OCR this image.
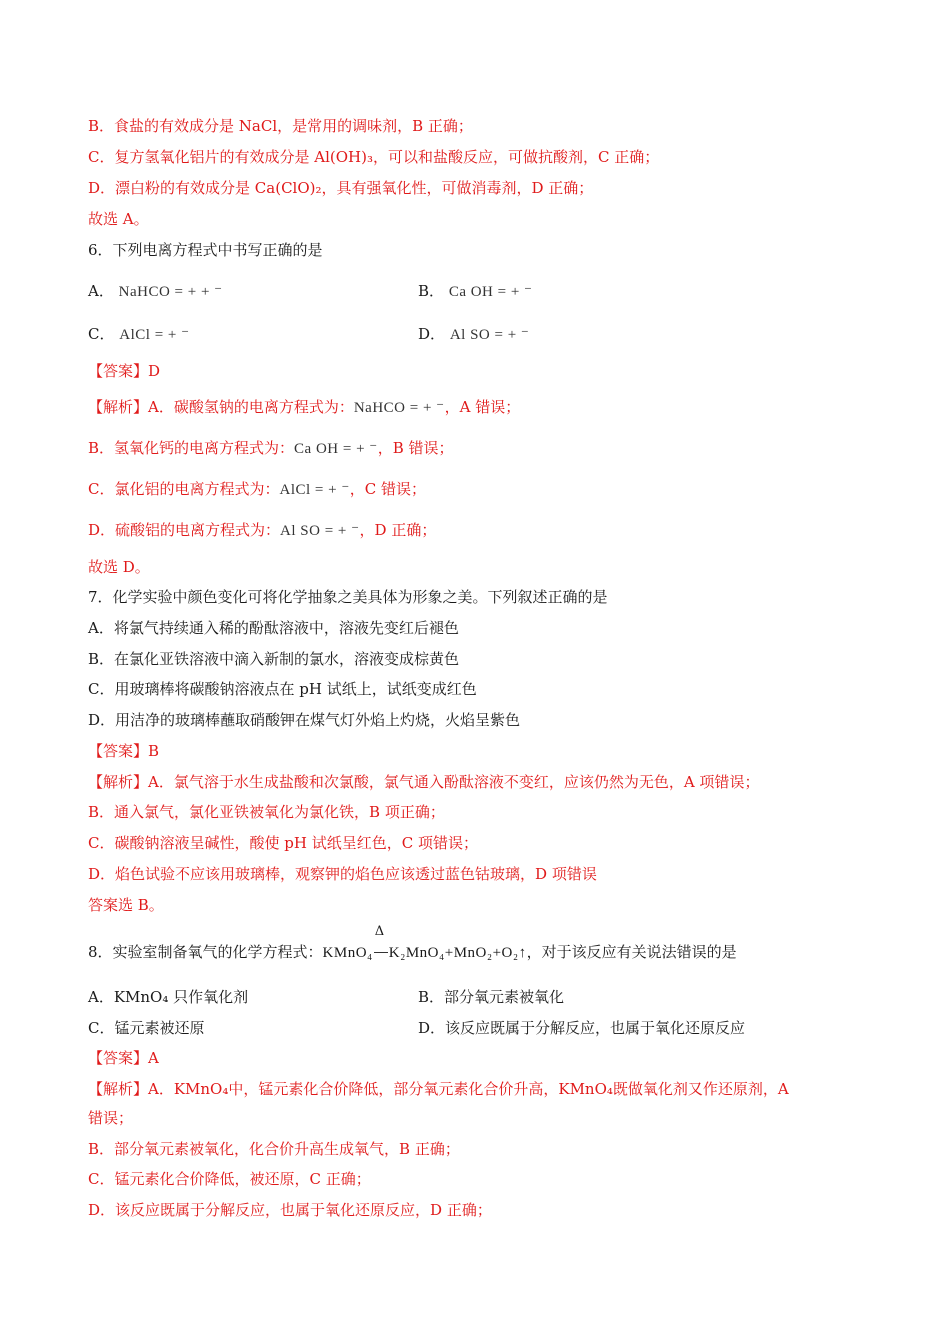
B．食盐的有效成分是 NaCl，是常用的调味剂，B 正确；
C．复方氢氧化铝片的有效成分是 Al(OH)₃，可以和盐酸反应，可做抗酸剂，C 正确；
D．漂白粉的有效成分是 Ca(ClO)₂，具有强氧化性，可做消毒剂，D 正确；
故选 A。
6．下列电离方程式中书写正确的是
A． NaHCO = + + ⁻	B． Ca OH = + ⁻
C． AlCl = + ⁻	D． Al SO = + ⁻
【答案】D
【解析】A．碳酸氢钠的电离方程式为：NaHCO = + ⁻，A 错误；
B．氢氧化钙的电离方程式为：Ca OH = + ⁻，B 错误；
C．氯化铝的电离方程式为：AlCl = + ⁻，C 错误；
D．硫酸铝的电离方程式为：Al SO = + ⁻，D 正确；
故选 D。
7．化学实验中颜色变化可将化学抽象之美具体为形象之美。下列叙述正确的是
A．将氯气持续通入稀的酚酞溶液中，溶液先变红后褪色
B．在氯化亚铁溶液中滴入新制的氯水，溶液变成棕黄色
C．用玻璃棒将碳酸钠溶液点在 pH 试纸上，试纸变成红色
D．用洁净的玻璃棒蘸取硝酸钾在煤气灯外焰上灼烧，火焰呈紫色
【答案】B
【解析】A．氯气溶于水生成盐酸和次氯酸，氯气通入酚酞溶液不变红，应该仍然为无色，A 项错误；
B．通入氯气，氯化亚铁被氧化为氯化铁，B 项正确；
C．碳酸钠溶液呈碱性，酸使 pH 试纸呈红色，C 项错误；
D．焰色试验不应该用玻璃棒，观察钾的焰色应该透过蓝色钴玻璃，D 项错误
答案选 B。
8．实验室制备氧气的化学方程式：KMnO₄
Δ
K₂MnO₄+MnO₂+O₂↑，对于该反应有关说法错误的是
A．KMnO₄ 只作氧化剂	B．部分氧元素被氧化
C．锰元素被还原	D．该反应既属于分解反应，也属于氧化还原反应
【答案】A
【解析】A．KMnO₄中，锰元素化合价降低，部分氧元素化合价升高，KMnO₄既做氧化剂又作还原剂，A
错误；
B．部分氧元素被氧化，化合价升高生成氧气，B 正确；
C．锰元素化合价降低，被还原，C 正确；
D．该反应既属于分解反应，也属于氧化还原反应，D 正确；
